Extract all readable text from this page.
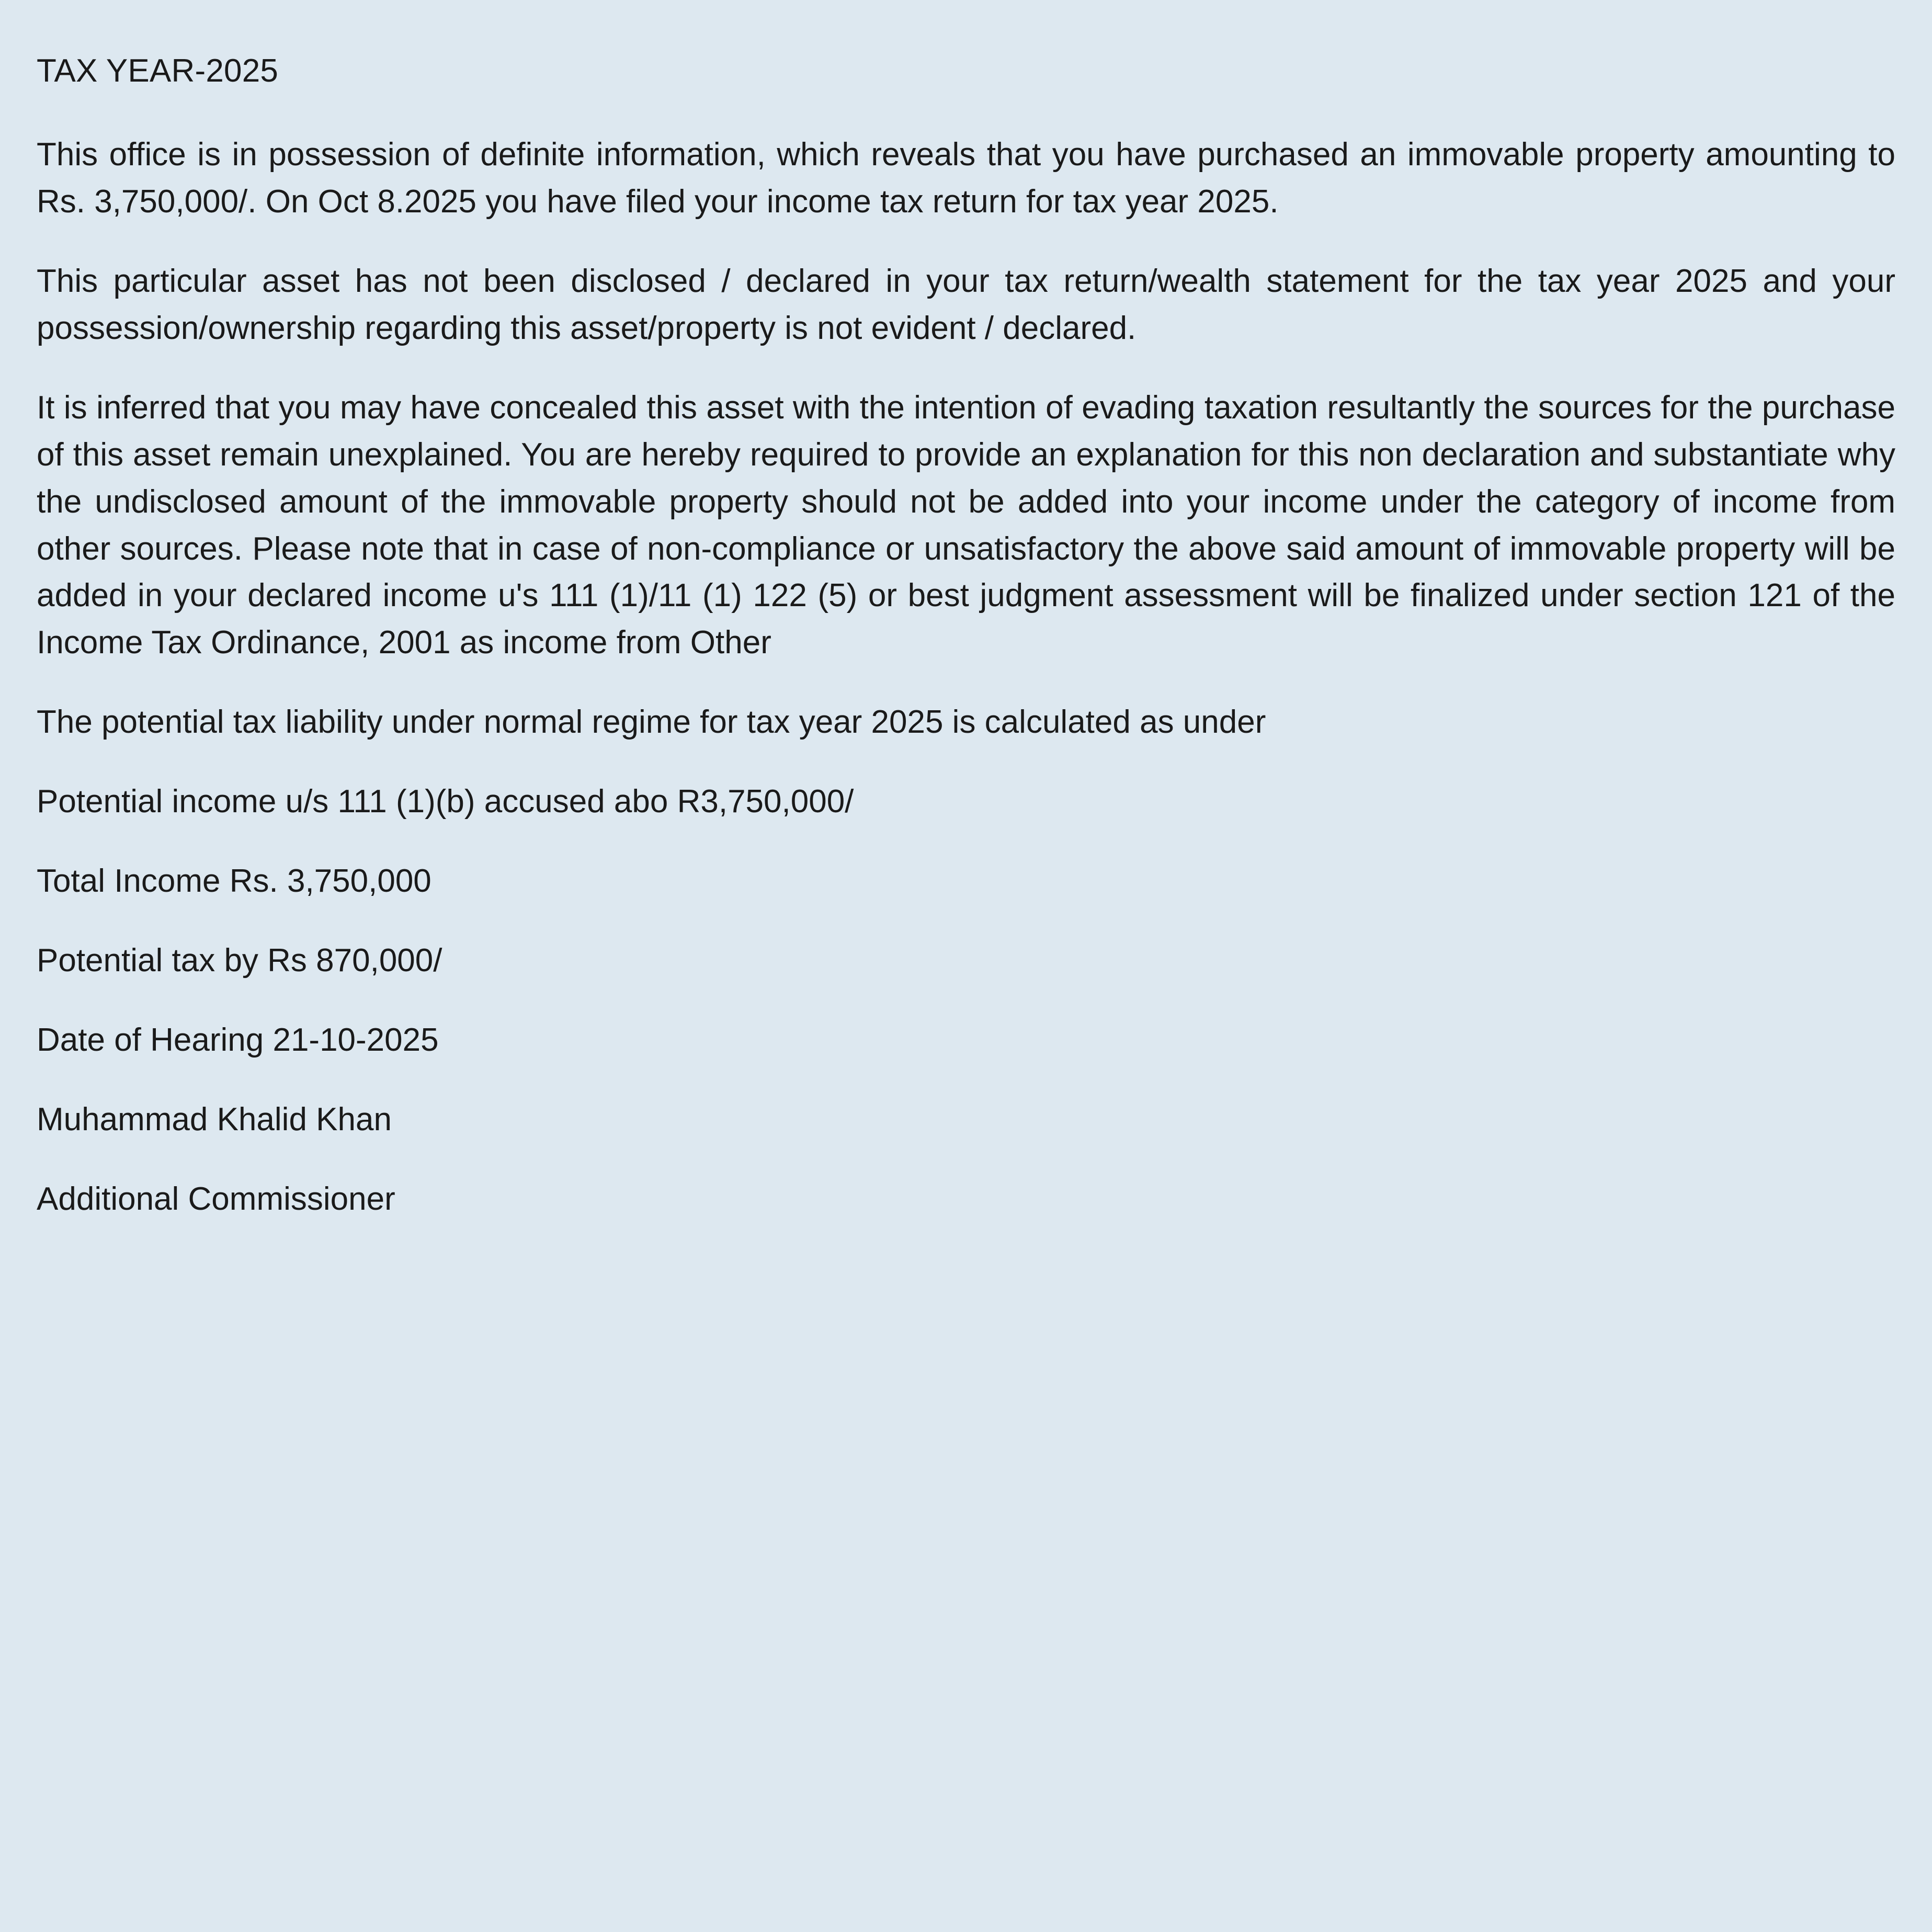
TAX YEAR-2025

This office is in possession of definite information, which reveals that you have purchased an immovable property amounting to Rs. 3,750,000/. On Oct 8.2025 you have filed your income tax return for tax year 2025.

This particular asset has not been disclosed / declared in your tax return/wealth statement for the tax year 2025 and your possession/ownership regarding this asset/property is not evident / declared.

It is inferred that you may have concealed this asset with the intention of evading taxation resultantly the sources for the purchase of this asset remain unexplained. You are hereby required to provide an explanation for this non declaration and substantiate why the undisclosed amount of the immovable property should not be added into your income under the category of income from other sources. Please note that in case of non-compliance or unsatisfactory the above said amount of immovable property will be added in your declared income u's 111 (1)/11 (1) 122 (5) or best judgment assessment will be finalized under section 121 of the Income Tax Ordinance, 2001 as income from Other

The potential tax liability under normal regime for tax year 2025 is calculated as under

Potential income u/s 111 (1)(b) accused abo R3,750,000/

Total Income Rs. 3,750,000

Potential tax by Rs 870,000/

Date of Hearing 21-10-2025

Muhammad Khalid Khan

Additional Commissioner
